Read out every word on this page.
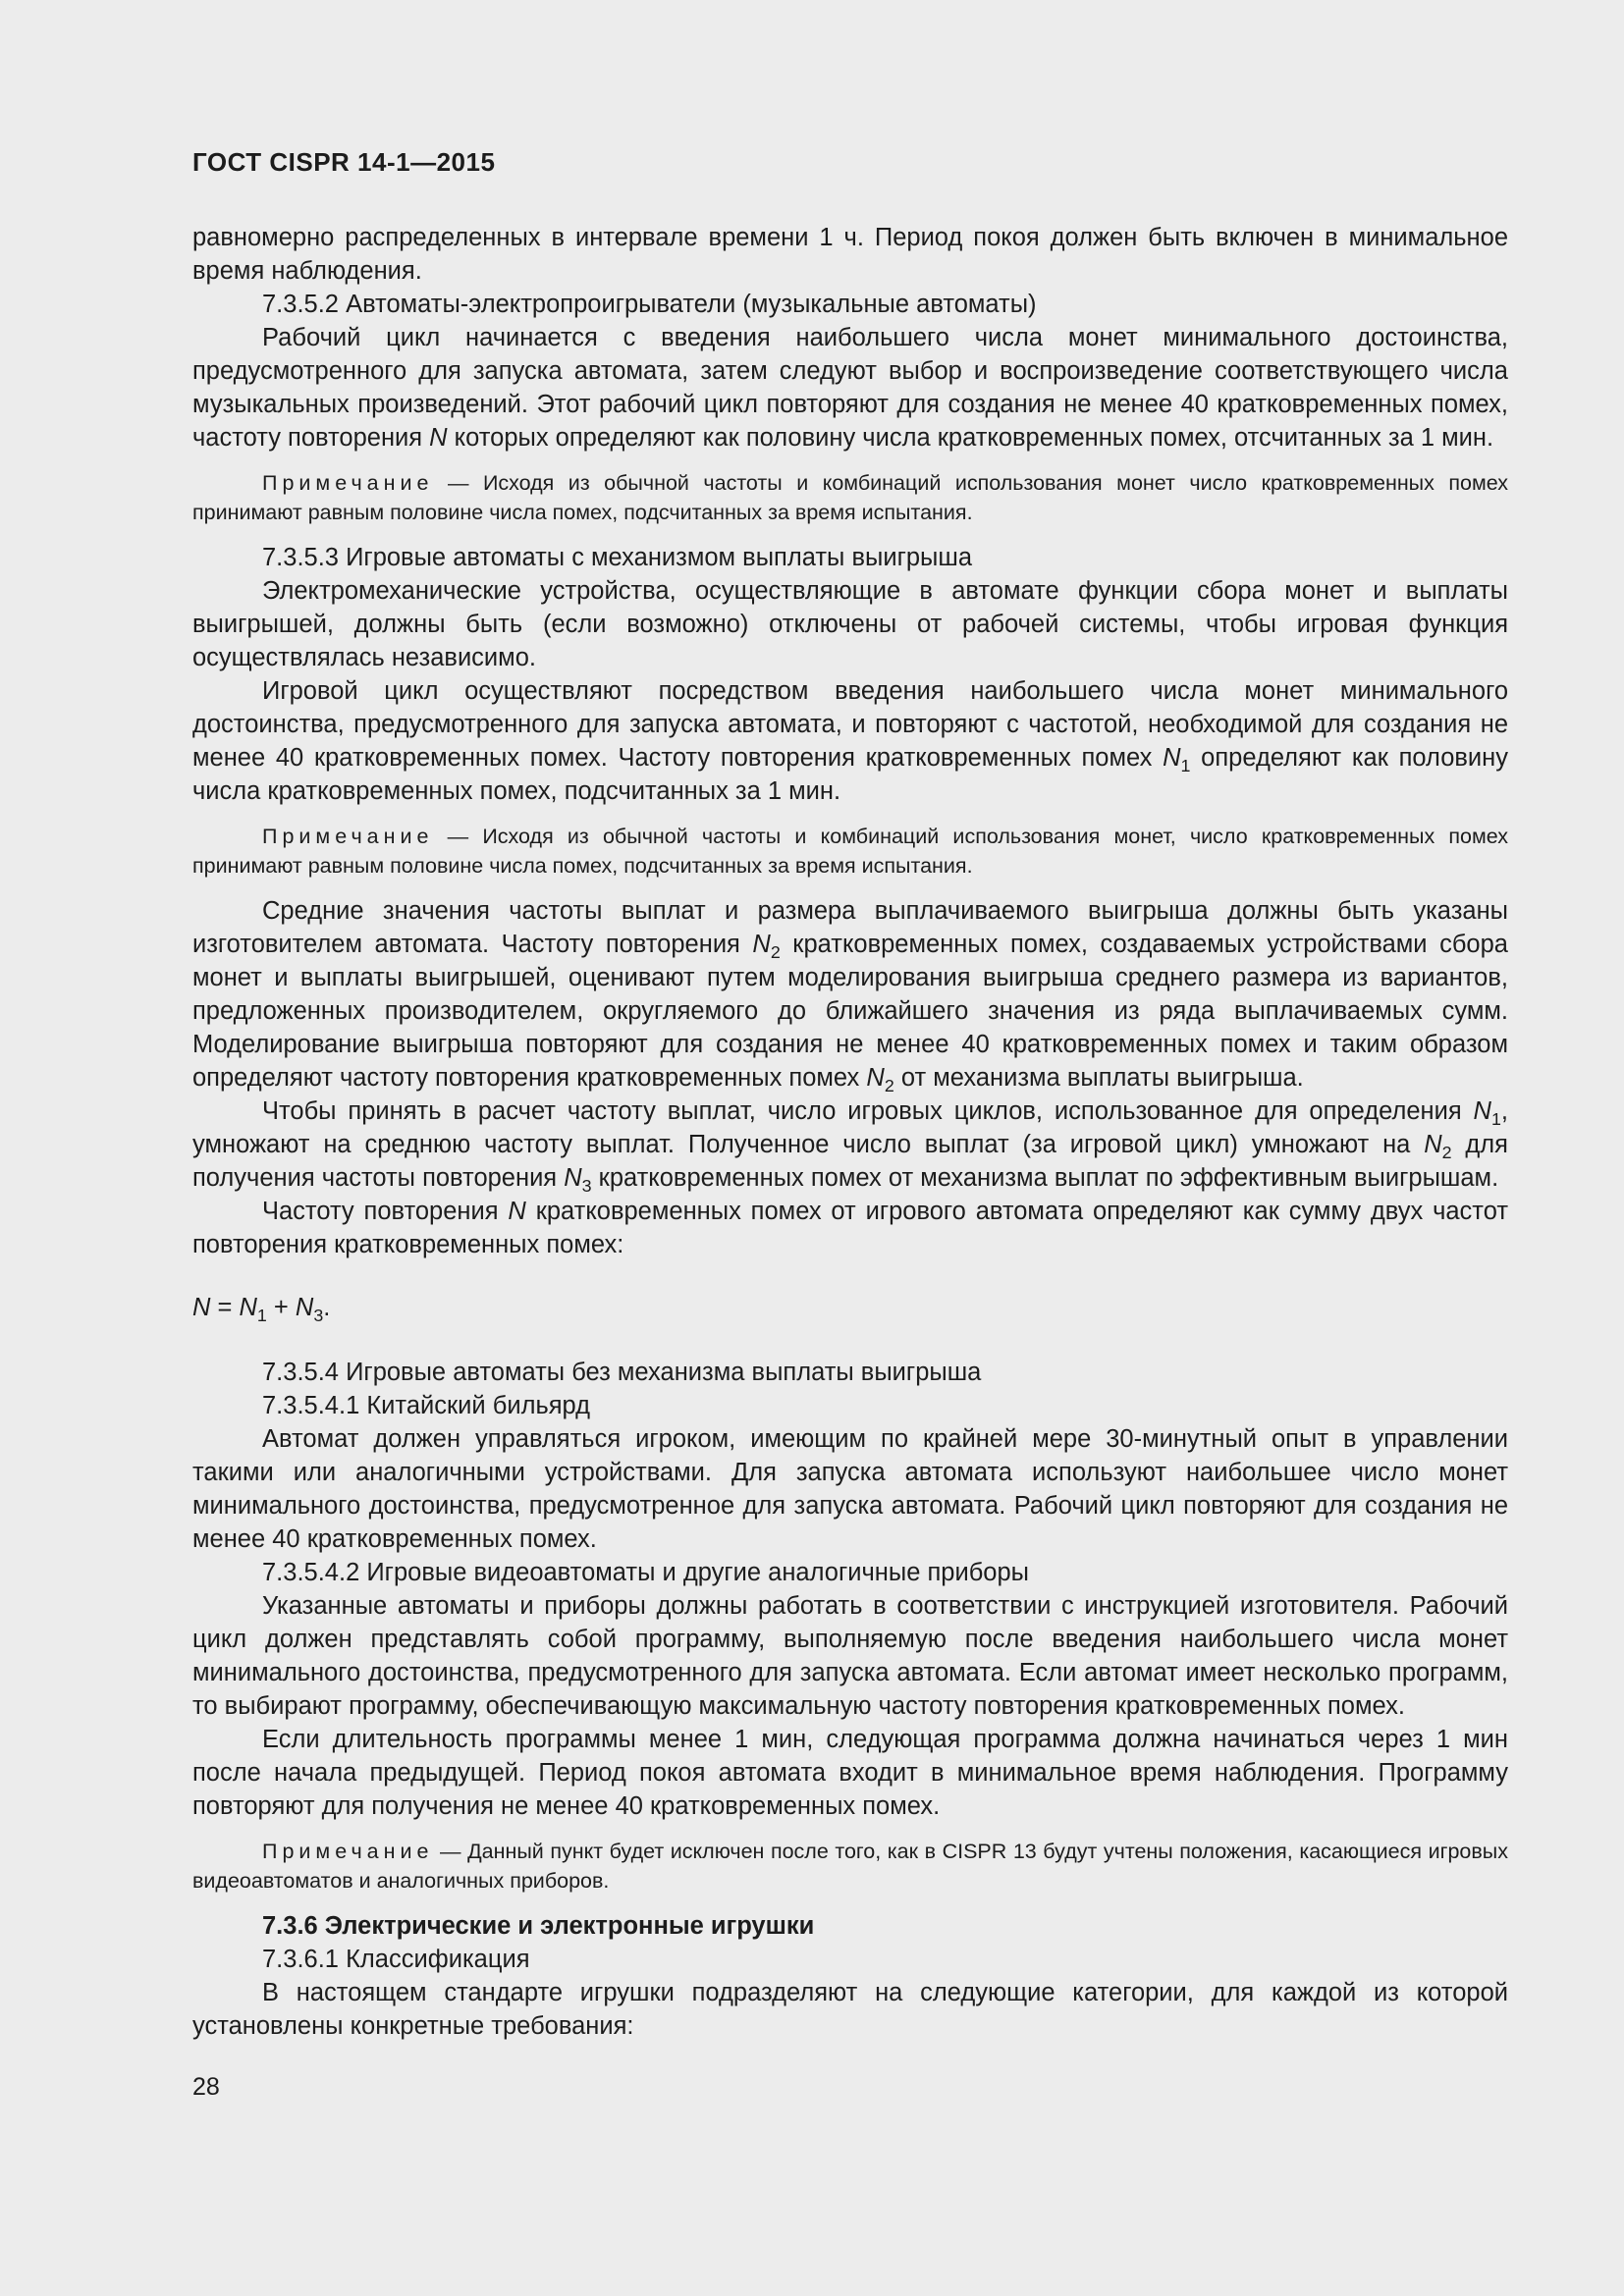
ГОСТ CISPR 14-1—2015

равномерно распределенных в интервале времени 1 ч. Период покоя должен быть включен в минимальное время наблюдения.

7.3.5.2 Автоматы-электропроигрыватели (музыкальные автоматы)

Рабочий цикл начинается с введения наибольшего числа монет минимального достоинства, предусмотренного для запуска автомата, затем следуют выбор и воспроизведение соответствующего числа музыкальных произведений. Этот рабочий цикл повторяют для создания не менее 40 кратковременных помех, частоту повторения N которых определяют как половину числа кратковременных помех, отсчитанных за 1 мин.

Примечание — Исходя из обычной частоты и комбинаций использования монет число кратковременных помех принимают равным половине числа помех, подсчитанных за время испытания.

7.3.5.3 Игровые автоматы с механизмом выплаты выигрыша

Электромеханические устройства, осуществляющие в автомате функции сбора монет и выплаты выигрышей, должны быть (если возможно) отключены от рабочей системы, чтобы игровая функция осуществлялась независимо.

Игровой цикл осуществляют посредством введения наибольшего числа монет минимального достоинства, предусмотренного для запуска автомата, и повторяют с частотой, необходимой для создания не менее 40 кратковременных помех. Частоту повторения кратковременных помех $N_1$ определяют как половину числа кратковременных помех, подсчитанных за 1 мин.

Примечание — Исходя из обычной частоты и комбинаций использования монет, число кратковременных помех принимают равным половине числа помех, подсчитанных за время испытания.

Средние значения частоты выплат и размера выплачиваемого выигрыша должны быть указаны изготовителем автомата. Частоту повторения $N_2$ кратковременных помех, создаваемых устройствами сбора монет и выплаты выигрышей, оценивают путем моделирования выигрыша среднего размера из вариантов, предложенных производителем, округляемого до ближайшего значения из ряда выплачиваемых сумм. Моделирование выигрыша повторяют для создания не менее 40 кратковременных помех и таким образом определяют частоту повторения кратковременных помех $N_2$ от механизма выплаты выигрыша.

Чтобы принять в расчет частоту выплат, число игровых циклов, использованное для определения $N_1$, умножают на среднюю частоту выплат. Полученное число выплат (за игровой цикл) умножают на $N_2$ для получения частоты повторения $N_3$ кратковременных помех от механизма выплат по эффективным выигрышам.

Частоту повторения N кратковременных помех от игрового автомата определяют как сумму двух частот повторения кратковременных помех:

$N = N_1 + N_3$.

7.3.5.4 Игровые автоматы без механизма выплаты выигрыша

7.3.5.4.1 Китайский бильярд

Автомат должен управляться игроком, имеющим по крайней мере 30-минутный опыт в управлении такими или аналогичными устройствами. Для запуска автомата используют наибольшее число монет минимального достоинства, предусмотренное для запуска автомата. Рабочий цикл повторяют для создания не менее 40 кратковременных помех.

7.3.5.4.2 Игровые видеоавтоматы и другие аналогичные приборы

Указанные автоматы и приборы должны работать в соответствии с инструкцией изготовителя. Рабочий цикл должен представлять собой программу, выполняемую после введения наибольшего числа монет минимального достоинства, предусмотренного для запуска автомата. Если автомат имеет несколько программ, то выбирают программу, обеспечивающую максимальную частоту повторения кратковременных помех.

Если длительность программы менее 1 мин, следующая программа должна начинаться через 1 мин после начала предыдущей. Период покоя автомата входит в минимальное время наблюдения. Программу повторяют для получения не менее 40 кратковременных помех.

Примечание — Данный пункт будет исключен после того, как в CISPR 13 будут учтены положения, касающиеся игровых видеоавтоматов и аналогичных приборов.

7.3.6 Электрические и электронные игрушки

7.3.6.1 Классификация

В настоящем стандарте игрушки подразделяют на следующие категории, для каждой из которой установлены конкретные требования:

28
